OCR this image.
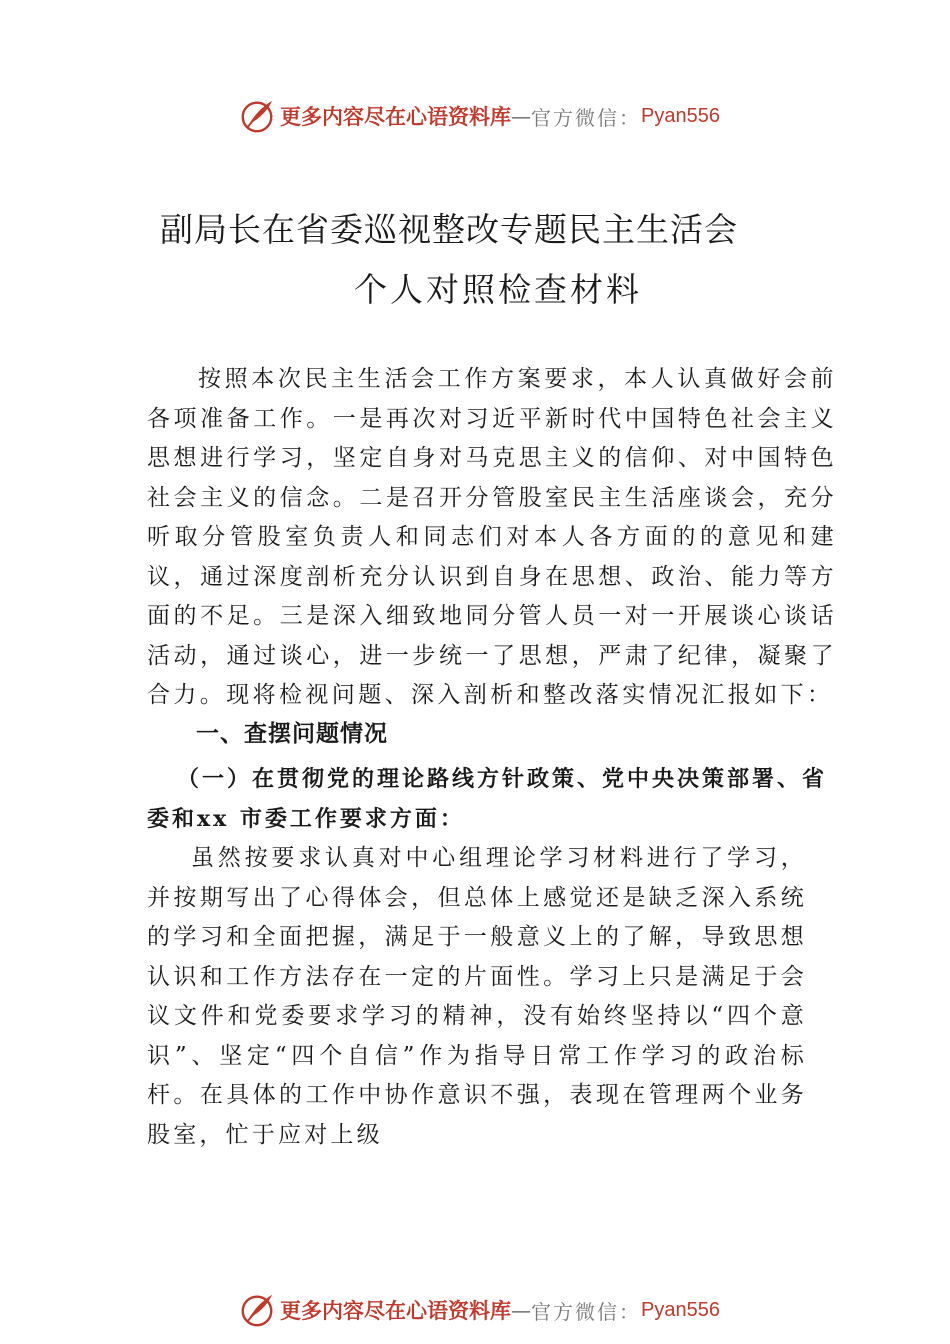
更多内容尽在心语资料库 — 官方微信： Pyan556
副局长在省委巡视整改专题民主生活会
个人对照检查材料

按照本次民主生活会工作方案要求，本人认真做好会前各项准备工作。一是再次对习近平新时代中国特色社会主义思想进行学习，坚定自身对马克思主义的信仰、对中国特色社会主义的信念。二是召开分管股室民主生活座谈会，充分听取分管股室负责人和同志们对本人各方面的的意见和建议，通过深度剖析充分认识到自身在思想、政治、能力等方面的不足。三是深入细致地同分管人员一对一开展谈心谈话活动，通过谈心，进一步统一了思想，严肃了纪律，凝聚了合力。现将检视问题、深入剖析和整改落实情况汇报如下：

一、查摆问题情况

（一）在贯彻党的理论路线方针政策、党中央决策部署、省委和xx 市委工作要求方面：

虽然按要求认真对中心组理论学习材料进行了学习，并按期写出了心得体会，但总体上感觉还是缺乏深入系统的学习和全面把握，满足于一般意义上的了解，导致思想认识和工作方法存在一定的片面性。学习上只是满足于会议文件和党委要求学习的精神，没有始终坚持以“四个意识”、坚定“四个自信”作为指导日常工作学习的政治标杆。在具体的工作中协作意识不强，表现在管理两个业务股室，忙于应对上级

更多内容尽在心语资料库 — 官方微信： Pyan556
